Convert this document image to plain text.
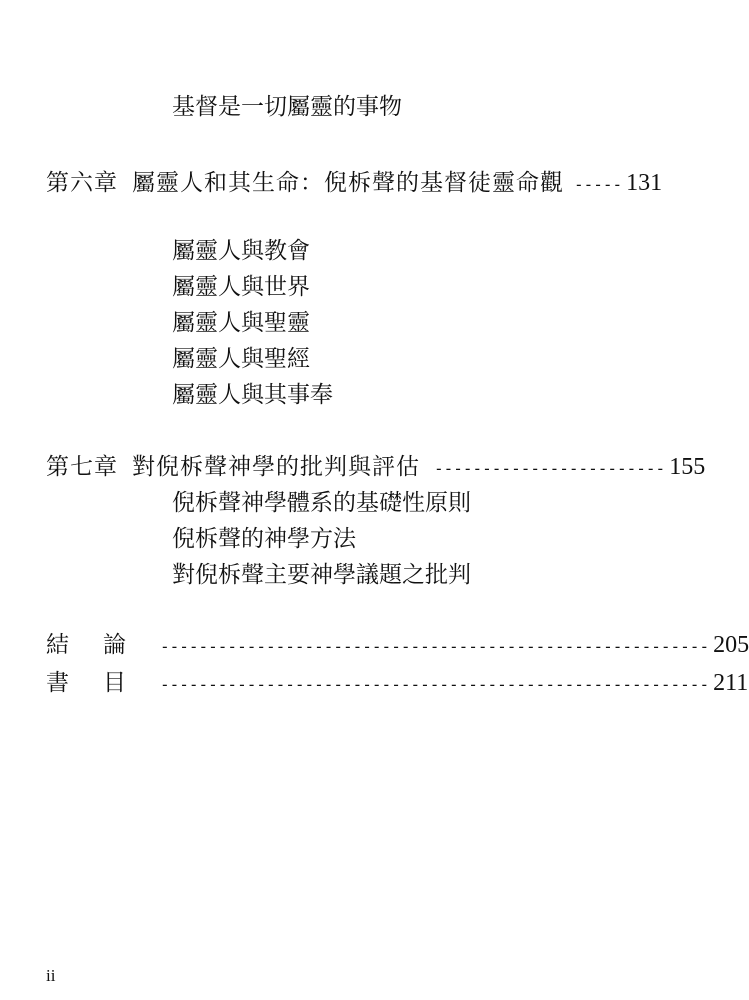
基督是一切屬靈的事物
第六章 屬靈人和其生命：倪柝聲的基督徒靈命觀 ----- 131
屬靈人與教會
屬靈人與世界
屬靈人與聖靈
屬靈人與聖經
屬靈人與其事奉
第七章 對倪柝聲神學的批判與評估 ------------------------ 155
倪柝聲神學體系的基礎性原則
倪柝聲的神學方法
對倪柝聲主要神學議題之批判
結論 --------------------------------------------------------- 205
書目 --------------------------------------------------------- 211
ii
